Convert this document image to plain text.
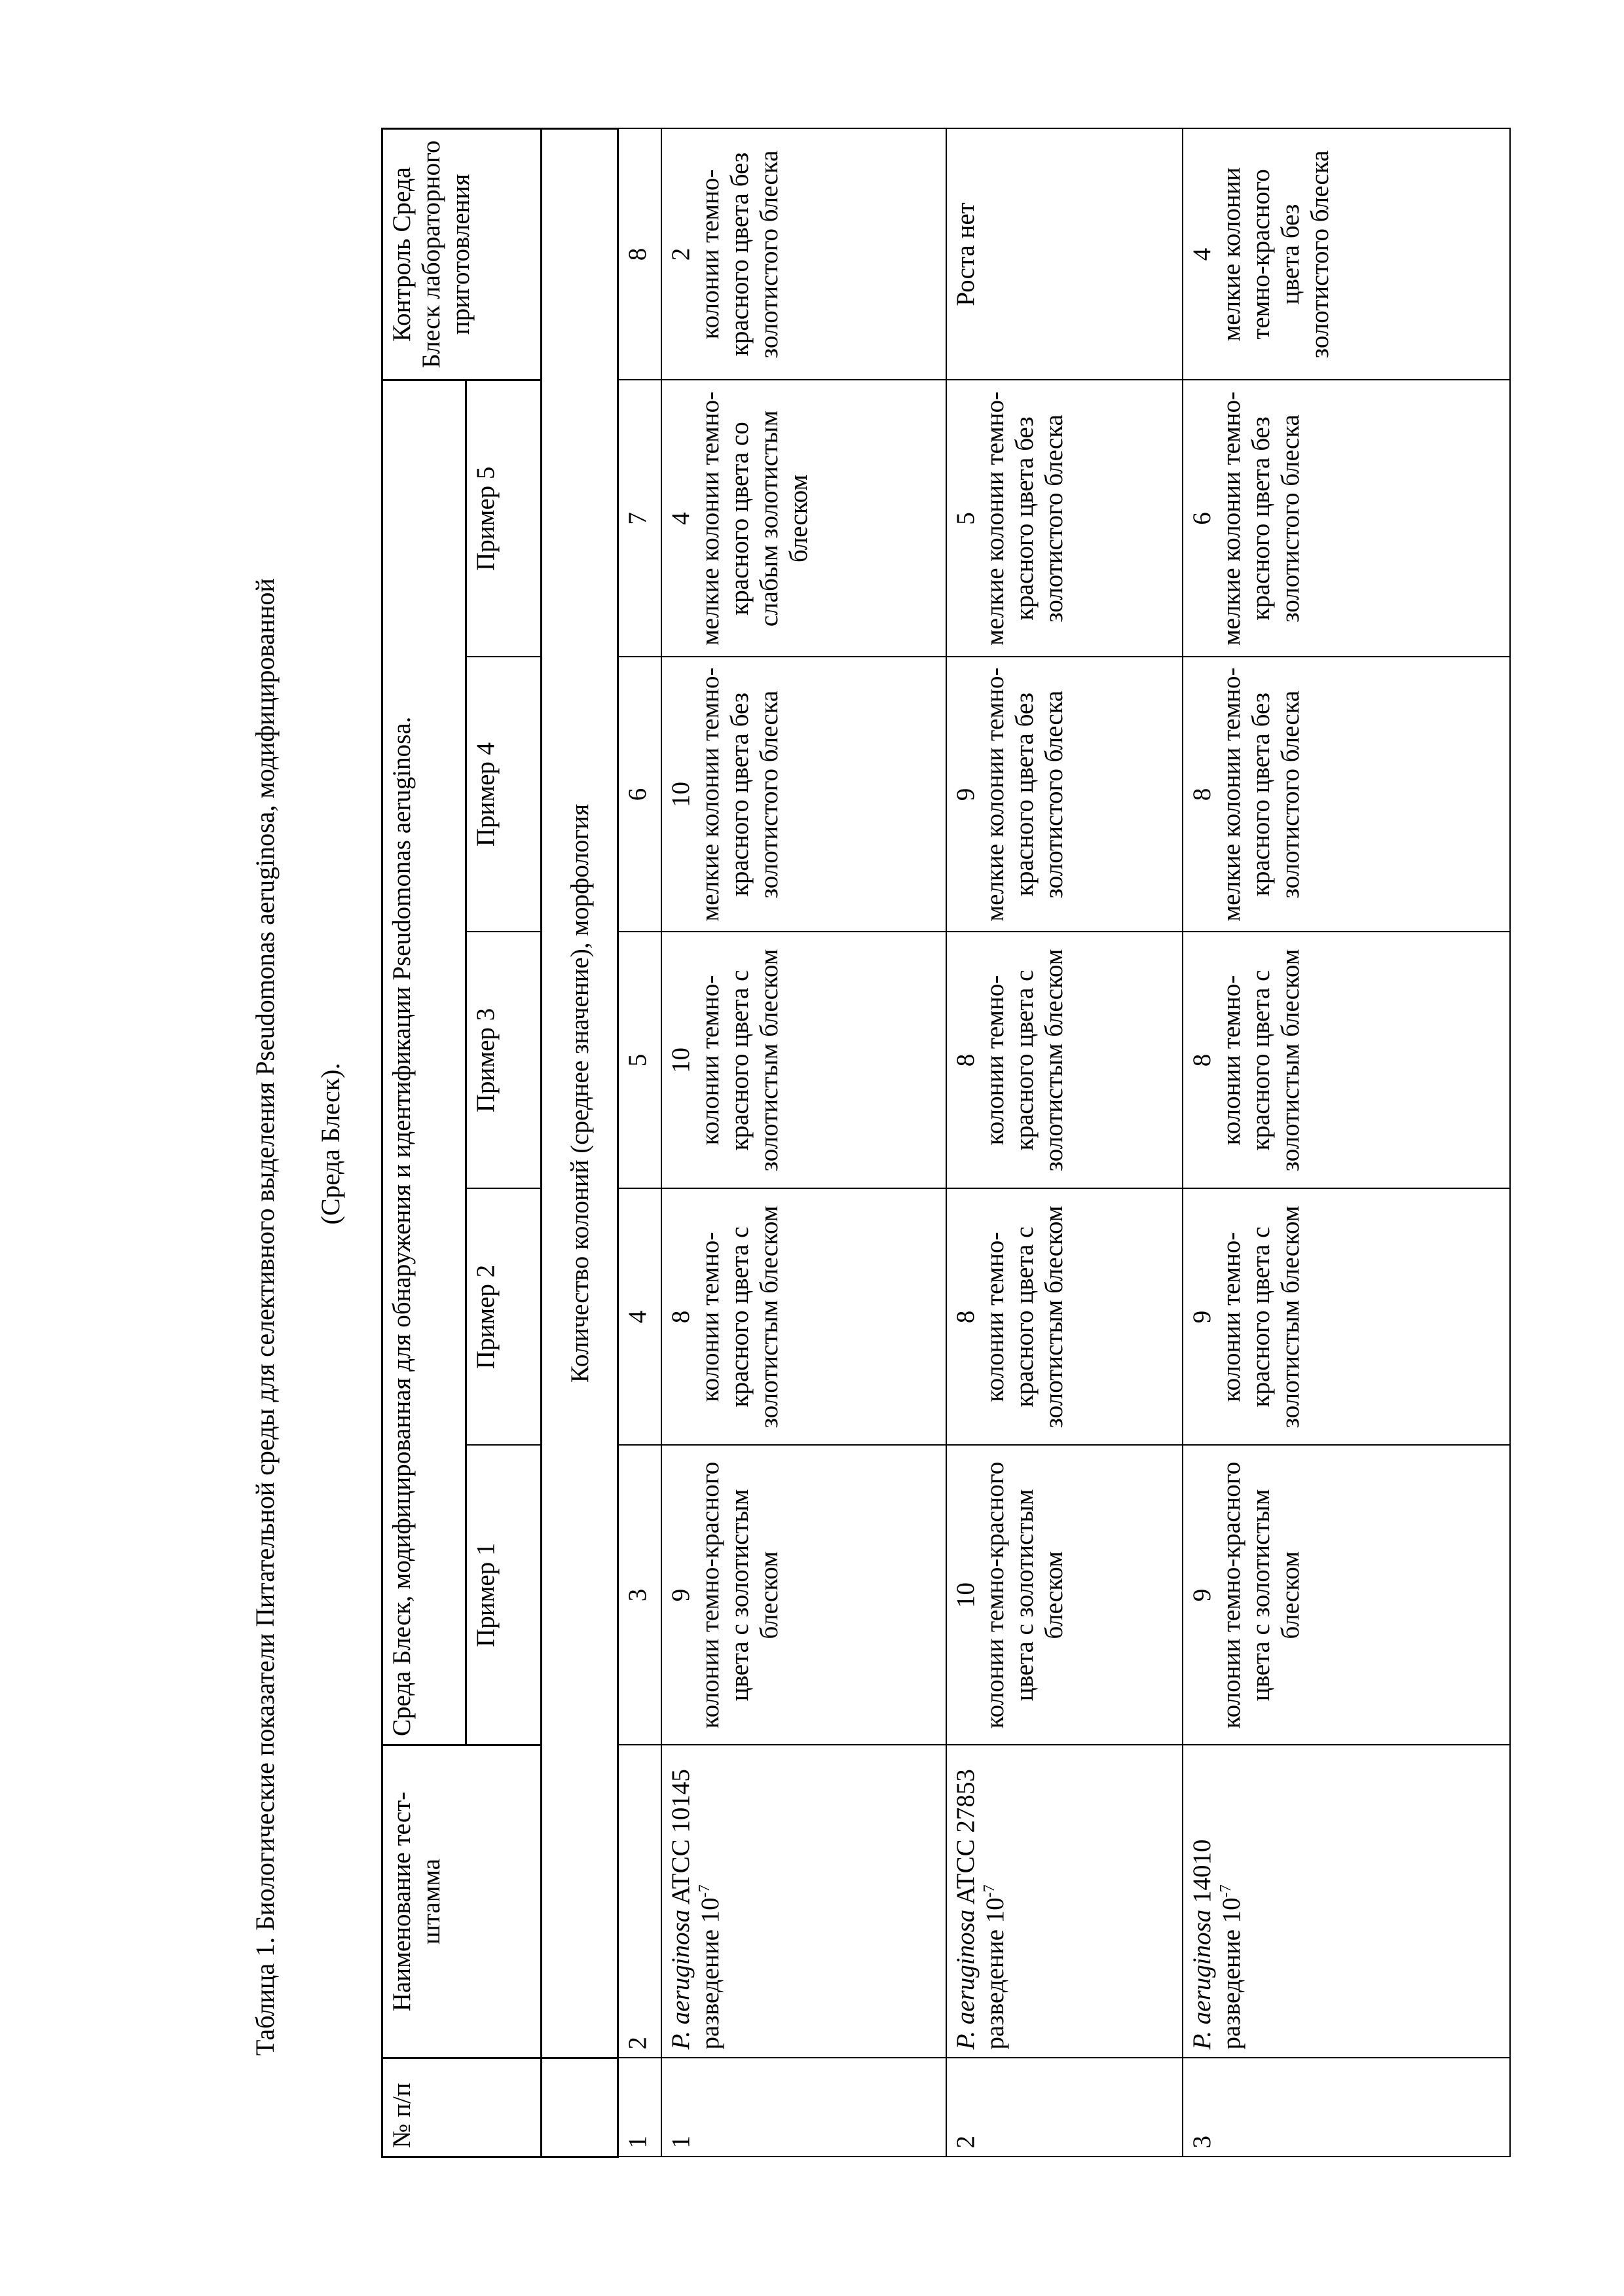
Таблица 1. Биологические показатели Питательной среды для селективного выделения Pseudomonas aeruginosa, модифицированной (Среда Блеск).
№ п/п	Наименование тест-штамма	Среда Блеск, модифицированная для обнаружения и идентификации Pseudomonas aeruginosa.	Контроль Среда Блеск лабораторного приготовления
Пример 1	Пример 2	Пример 3	Пример 4	Пример 5
	Количество колоний (среднее значение), морфология
1	2	3	4	5	6	7	8
1	P. aeruginosa ATCC 10145
разведение 10-7	
9 колонии темно-красного цвета с золотистым блеском

8 колонии темно-красного цвета с золотистым блеском

10 колонии темно-красного цвета с золотистым блеском

10 мелкие колонии темно-красного цвета без золотистого блеска

4 мелкие колонии темно-красного цвета со слабым золотистым блеском

2 колонии темно-красного цвета без золотистого блеска

2	P. aeruginosa ATCC 27853
разведение 10-7	
10 колонии темно-красного цвета с золотистым блеском

8 колонии темно-красного цвета с золотистым блеском

8 колонии темно-красного цвета с золотистым блеском

9 мелкие колонии темно-красного цвета без золотистого блеска

5 мелкие колонии темно-красного цвета без золотистого блеска

Роста нет

3	P. aeruginosa 14010
разведение 10-7	
9 колонии темно-красного цвета с золотистым блеском

9 колонии темно-красного цвета с золотистым блеском

8 колонии темно-красного цвета с золотистым блеском

8 мелкие колонии темно-красного цвета без золотистого блеска

6 мелкие колонии темно-красного цвета без золотистого блеска

4 мелкие колонии темно-красного цвета без золотистого блеска
